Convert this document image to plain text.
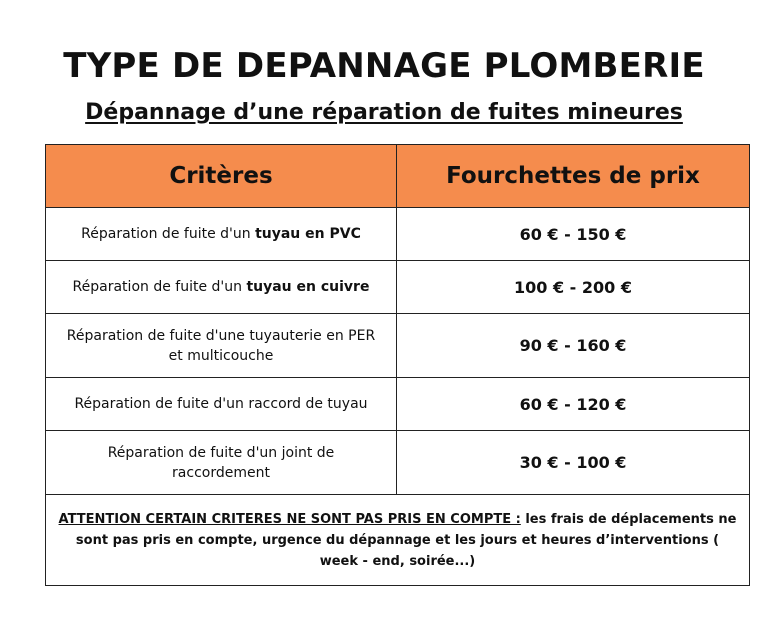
TYPE DE DEPANNAGE PLOMBERIE
Dépannage d’une réparation de fuites mineures
Critères	Fourchettes de prix
Réparation de fuite d'un tuyau en PVC	60 € - 150 €
Réparation de fuite d'un tuyau en cuivre	100 € - 200 €
Réparation de fuite d'une tuyauterie en PER
et multicouche	90 € - 160 €
Réparation de fuite d'un raccord de tuyau	60 € - 120 €
Réparation de fuite d'un joint de
raccordement	30 € - 100 €
ATTENTION CERTAIN CRITERES NE SONT PAS PRIS EN COMPTE : les frais de déplacements ne sont pas pris en compte, urgence du dépannage et les jours et heures d’interventions ( week - end, soirée...)	
